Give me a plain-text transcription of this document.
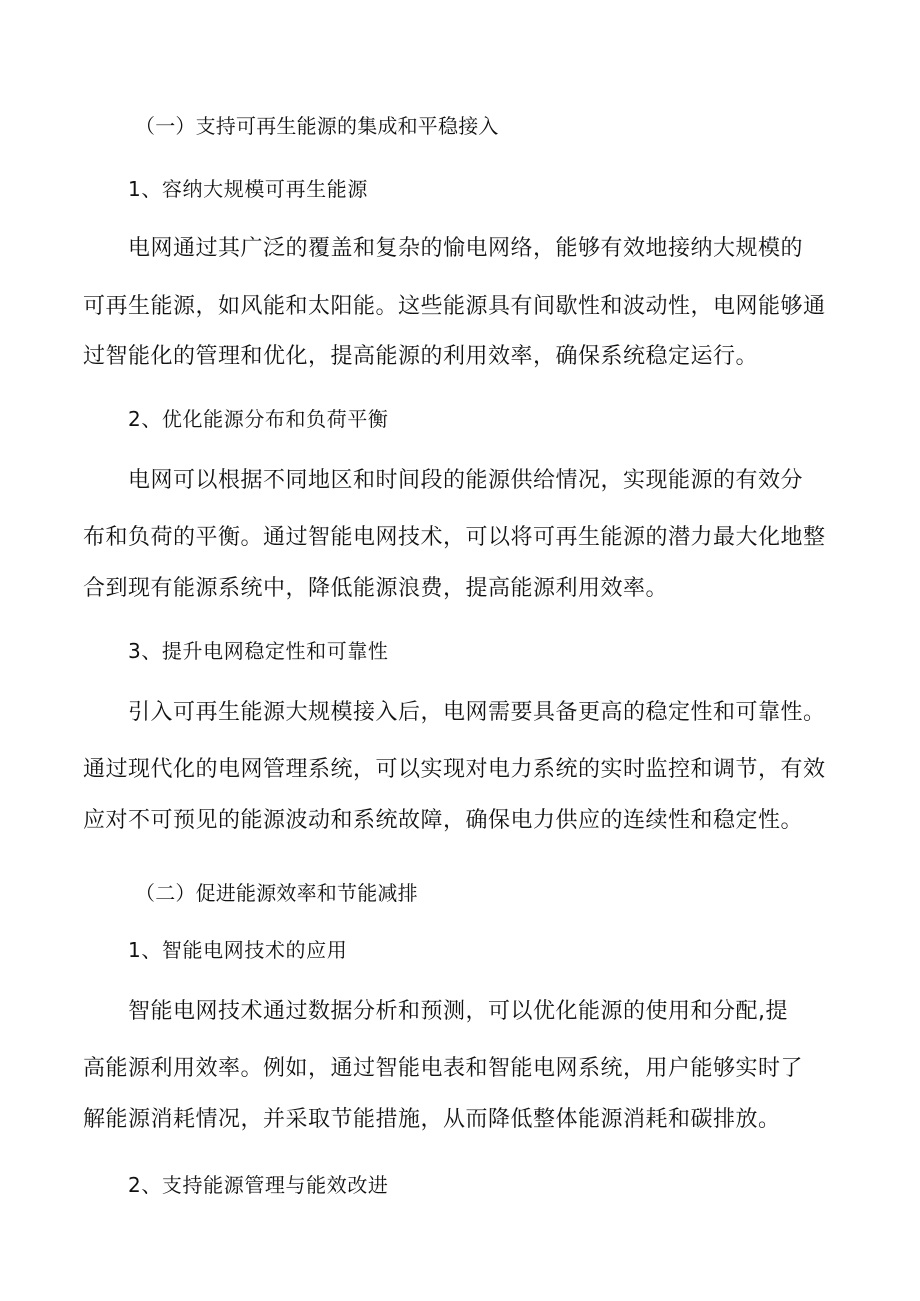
（一）支持可再生能源的集成和平稳接入
1、容纳大规模可再生能源
电网通过其广泛的覆盖和复杂的愉电网络，能够有效地接纳大规模的
可再生能源，如风能和太阳能。这些能源具有间歇性和波动性，电网能够通
过智能化的管理和优化，提高能源的利用效率，确保系统稳定运行。
2、优化能源分布和负荷平衡
电网可以根据不同地区和时间段的能源供给情况，实现能源的有效分
布和负荷的平衡。通过智能电网技术，可以将可再生能源的潜力最大化地整
合到现有能源系统中，降低能源浪费，提高能源利用效率。
3、提升电网稳定性和可靠性
引入可再生能源大规模接入后，电网需要具备更高的稳定性和可靠性。
通过现代化的电网管理系统，可以实现对电力系统的实时监控和调节，有效
应对不可预见的能源波动和系统故障，确保电力供应的连续性和稳定性。
（二）促进能源效率和节能减排
1、智能电网技术的应用
智能电网技术通过数据分析和预测，可以优化能源的使用和分配,提
高能源利用效率。例如，通过智能电表和智能电网系统，用户能够实时了
解能源消耗情况，并采取节能措施，从而降低整体能源消耗和碳排放。
2、支持能源管理与能效改进
